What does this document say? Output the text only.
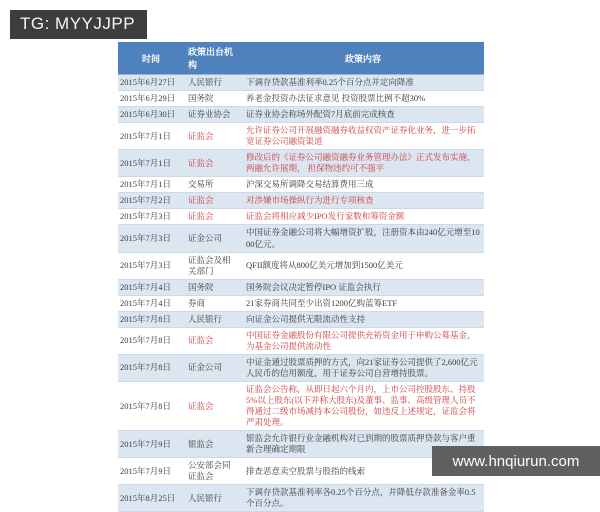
TG: MYYJJPP
时间	政策出台机构	政策内容
2015年6月27日	人民银行	下调存贷款基准利率0.25个百分点并定向降准
2015年6月29日	国务院	养老金投资办法征求意见 投资股票比例不超30%
2015年6月30日	证券业协会	证券业协会称场外配资7月底前完成核查
2015年7月1日	证监会	允许证券公司开展融资融券收益权资产证券化业务，进一步拓宽证券公司融资渠道
2015年7月1日	证监会	修改后的《证券公司融资融券业务管理办法》正式发布实施，两融允许展期， 担保物违约可不强平
2015年7月1日	交易所	沪深交易所调降交易结算费用三成
2015年7月2日	证监会	对涉嫌市场操纵行为进行专项核查
2015年7月3日	证监会	证监会将相应减少IPO发行家数和筹资金额
2015年7月3日	证金公司	中国证券金融公司将大幅增资扩股，注册资本由240亿元增至1000亿元。
2015年7月3日	证监会及相关部门	QFII额度将从800亿美元增加到1500亿美元
2015年7月4日	国务院	国务院会议决定暂停IPO 证监会执行
2015年7月4日	券商	21家券商共同至少出资1200亿购蓝筹ETF
2015年7月8日	人民银行	向证金公司提供无限流动性支持
2015年7月8日	证监会	中国证券金融股份有限公司提供充裕资金用于申购公募基金，为基金公司提供流动性
2015年7月8日	证金公司	中证金通过股票质押的方式，向21家证券公司提供了2,600亿元人民币的信用额度，用于证券公司自营增持股票。
2015年7月8日	证监会	证监会公告称，从即日起六个月内，上市公司控股股东、持股5%以上股东(以下并称大股东)及董事、监事、高级管理人员不得通过二级市场减持本公司股份，如违反上述规定，证监会将严肃处理。
2015年7月9日	银监会	银监会允许银行业金融机构对已到期的股票质押贷款与客户重新合理确定期限
2015年7月9日	公安部会同证监会	排查恶意卖空股票与股指的线索
2015年8月25日	人民银行	下调存贷款基准利率各0.25个百分点，并降低存款准备金率0.5个百分点。
www.hnqiurun.com
